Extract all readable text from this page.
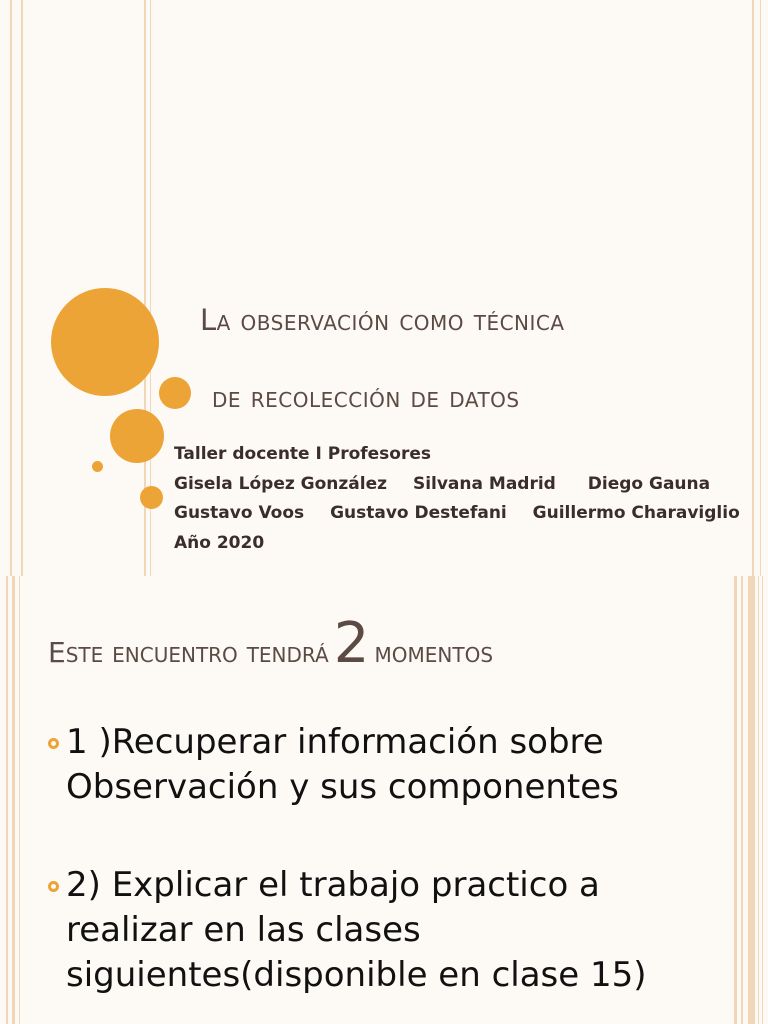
La observación como técnica
de recolección de datos
Taller docente I Profesores
Gisela López González Silvana Madrid Diego Gauna
Gustavo Voos Gustavo Destefani Guillermo Charaviglio
Año 2020
Este encuentro tendrá 2 momentos
1 )Recuperar información sobre Observación y sus componentes
2) Explicar el trabajo practico a realizar en las clases siguientes(disponible en clase 15)
